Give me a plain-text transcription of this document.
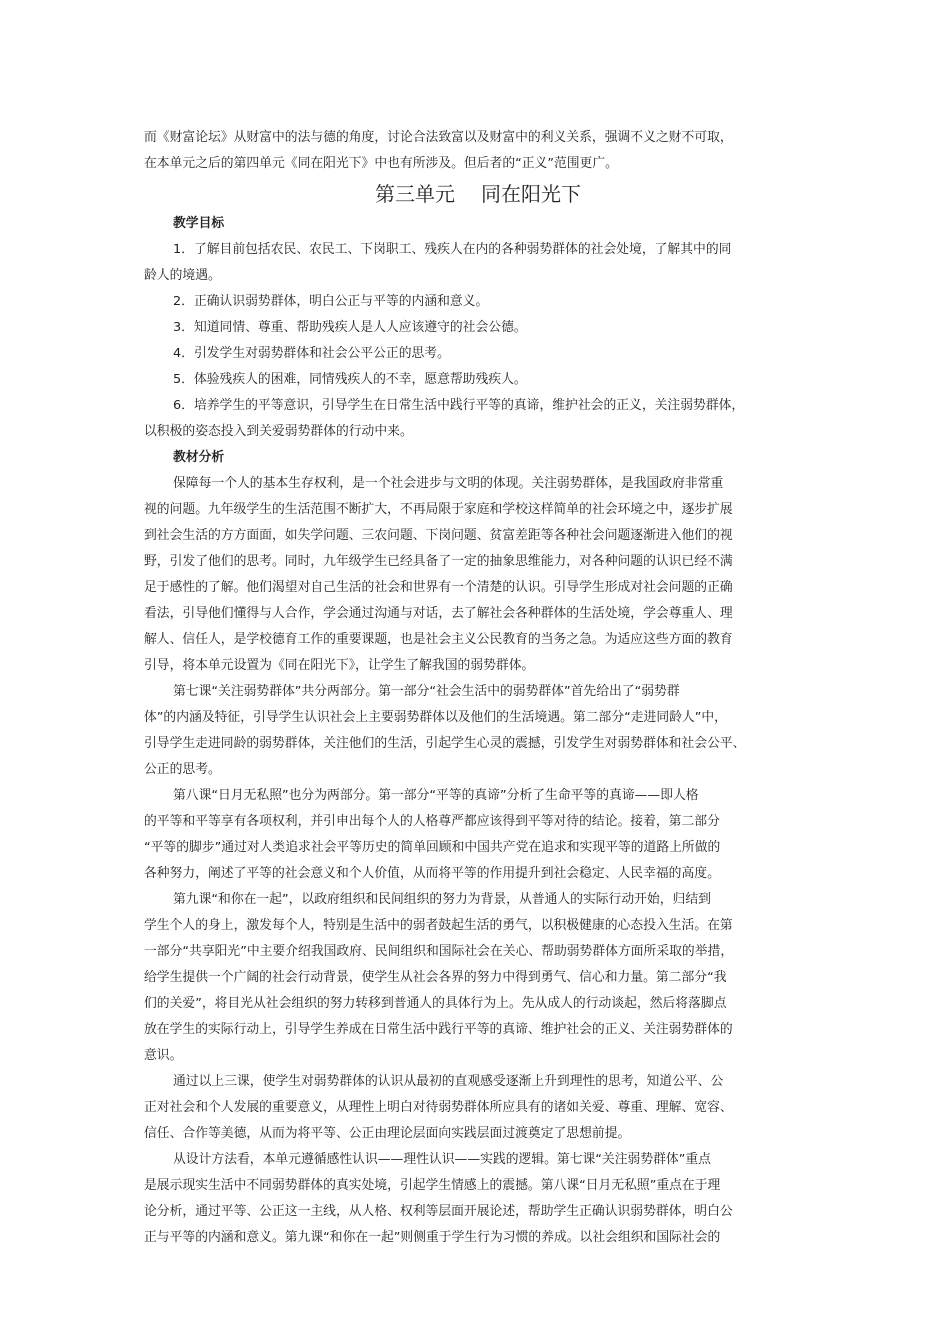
而《财富论坛》从财富中的法与德的角度，讨论合法致富以及财富中的利义关系，强调不义之财不可取，
在本单元之后的第四单元《同在阳光下》中也有所涉及。但后者的“正义”范围更广。
第三单元 同在阳光下
教学目标
1．了解目前包括农民、农民工、下岗职工、残疾人在内的各种弱势群体的社会处境，了解其中的同
龄人的境遇。
2．正确认识弱势群体，明白公正与平等的内涵和意义。
3．知道同情、尊重、帮助残疾人是人人应该遵守的社会公德。
4．引发学生对弱势群体和社会公平公正的思考。
5．体验残疾人的困难，同情残疾人的不幸，愿意帮助残疾人。
6．培养学生的平等意识，引导学生在日常生活中践行平等的真谛，维护社会的正义，关注弱势群体，
以积极的姿态投入到关爱弱势群体的行动中来。
教材分析
保障每一个人的基本生存权利，是一个社会进步与文明的体现。关注弱势群体，是我国政府非常重
视的问题。九年级学生的生活范围不断扩大，不再局限于家庭和学校这样简单的社会环境之中，逐步扩展
到社会生活的方方面面，如失学问题、三农问题、下岗问题、贫富差距等各种社会问题逐渐进入他们的视
野，引发了他们的思考。同时，九年级学生已经具备了一定的抽象思维能力，对各种问题的认识已经不满
足于感性的了解。他们渴望对自己生活的社会和世界有一个清楚的认识。引导学生形成对社会问题的正确
看法，引导他们懂得与人合作，学会通过沟通与对话，去了解社会各种群体的生活处境，学会尊重人、理
解人、信任人，是学校德育工作的重要课题，也是社会主义公民教育的当务之急。为适应这些方面的教育
引导，将本单元设置为《同在阳光下》，让学生了解我国的弱势群体。
第七课“关注弱势群体”共分两部分。第一部分“社会生活中的弱势群体”首先给出了“弱势群
体”的内涵及特征，引导学生认识社会上主要弱势群体以及他们的生活境遇。第二部分“走进同龄人”中，
引导学生走进同龄的弱势群体，关注他们的生活，引起学生心灵的震撼，引发学生对弱势群体和社会公平、
公正的思考。
第八课“日月无私照”也分为两部分。第一部分“平等的真谛”分析了生命平等的真谛——即人格
的平等和平等享有各项权利，并引申出每个人的人格尊严都应该得到平等对待的结论。接着，第二部分
“平等的脚步”通过对人类追求社会平等历史的简单回顾和中国共产党在追求和实现平等的道路上所做的
各种努力，阐述了平等的社会意义和个人价值，从而将平等的作用提升到社会稳定、人民幸福的高度。
第九课“和你在一起”，以政府组织和民间组织的努力为背景，从普通人的实际行动开始，归结到
学生个人的身上，激发每个人，特别是生活中的弱者鼓起生活的勇气，以积极健康的心态投入生活。在第
一部分“共享阳光”中主要介绍我国政府、民间组织和国际社会在关心、帮助弱势群体方面所采取的举措，
给学生提供一个广阔的社会行动背景，使学生从社会各界的努力中得到勇气、信心和力量。第二部分“我
们的关爱”，将目光从社会组织的努力转移到普通人的具体行为上。先从成人的行动谈起，然后将落脚点
放在学生的实际行动上，引导学生养成在日常生活中践行平等的真谛、维护社会的正义、关注弱势群体的
意识。
通过以上三课，使学生对弱势群体的认识从最初的直观感受逐渐上升到理性的思考，知道公平、公
正对社会和个人发展的重要意义，从理性上明白对待弱势群体所应具有的诸如关爱、尊重、理解、宽容、
信任、合作等美德，从而为将平等、公正由理论层面向实践层面过渡奠定了思想前提。
从设计方法看，本单元遵循感性认识——理性认识——实践的逻辑。第七课“关注弱势群体”重点
是展示现实生活中不同弱势群体的真实处境，引起学生情感上的震撼。第八课“日月无私照”重点在于理
论分析，通过平等、公正这一主线，从人格、权利等层面开展论述，帮助学生正确认识弱势群体，明白公
正与平等的内涵和意义。第九课“和你在一起”则侧重于学生行为习惯的养成。以社会组织和国际社会的
